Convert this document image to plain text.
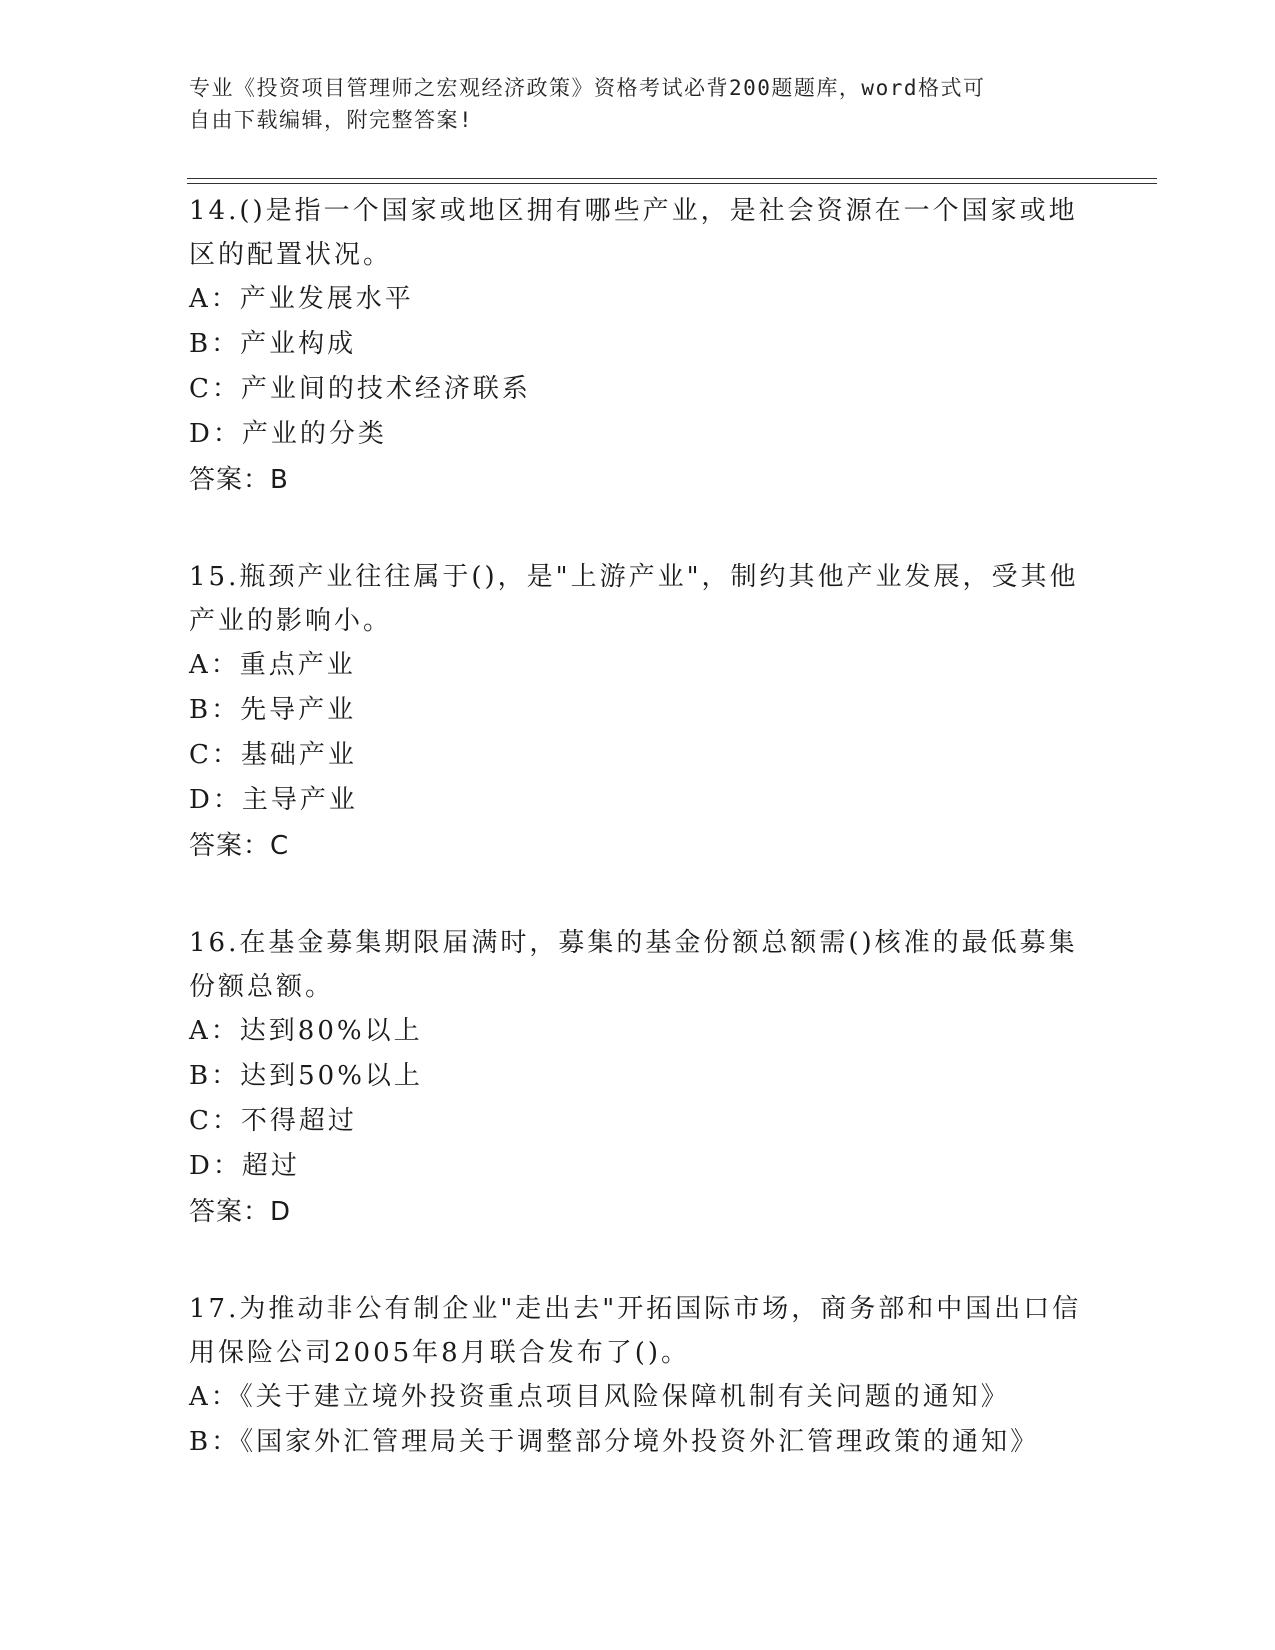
专业《投资项目管理师之宏观经济政策》资格考试必背200题题库，word格式可
自由下载编辑，附完整答案!

14.()是指一个国家或地区拥有哪些产业，是社会资源在一个国家或地区的配置状况。

A：产业发展水平

B：产业构成

C：产业间的技术经济联系

D：产业的分类

答案：B

15.瓶颈产业往往属于()，是"上游产业"，制约其他产业发展，受其他产业的影响小。

A：重点产业

B：先导产业

C：基础产业

D：主导产业

答案：C

16.在基金募集期限届满时，募集的基金份额总额需()核准的最低募集份额总额。

A：达到80%以上

B：达到50%以上

C：不得超过

D：超过

答案：D

17.为推动非公有制企业"走出去"开拓国际市场，商务部和中国出口信用保险公司2005年8月联合发布了()。

A：《关于建立境外投资重点项目风险保障机制有关问题的通知》

B：《国家外汇管理局关于调整部分境外投资外汇管理政策的通知》
